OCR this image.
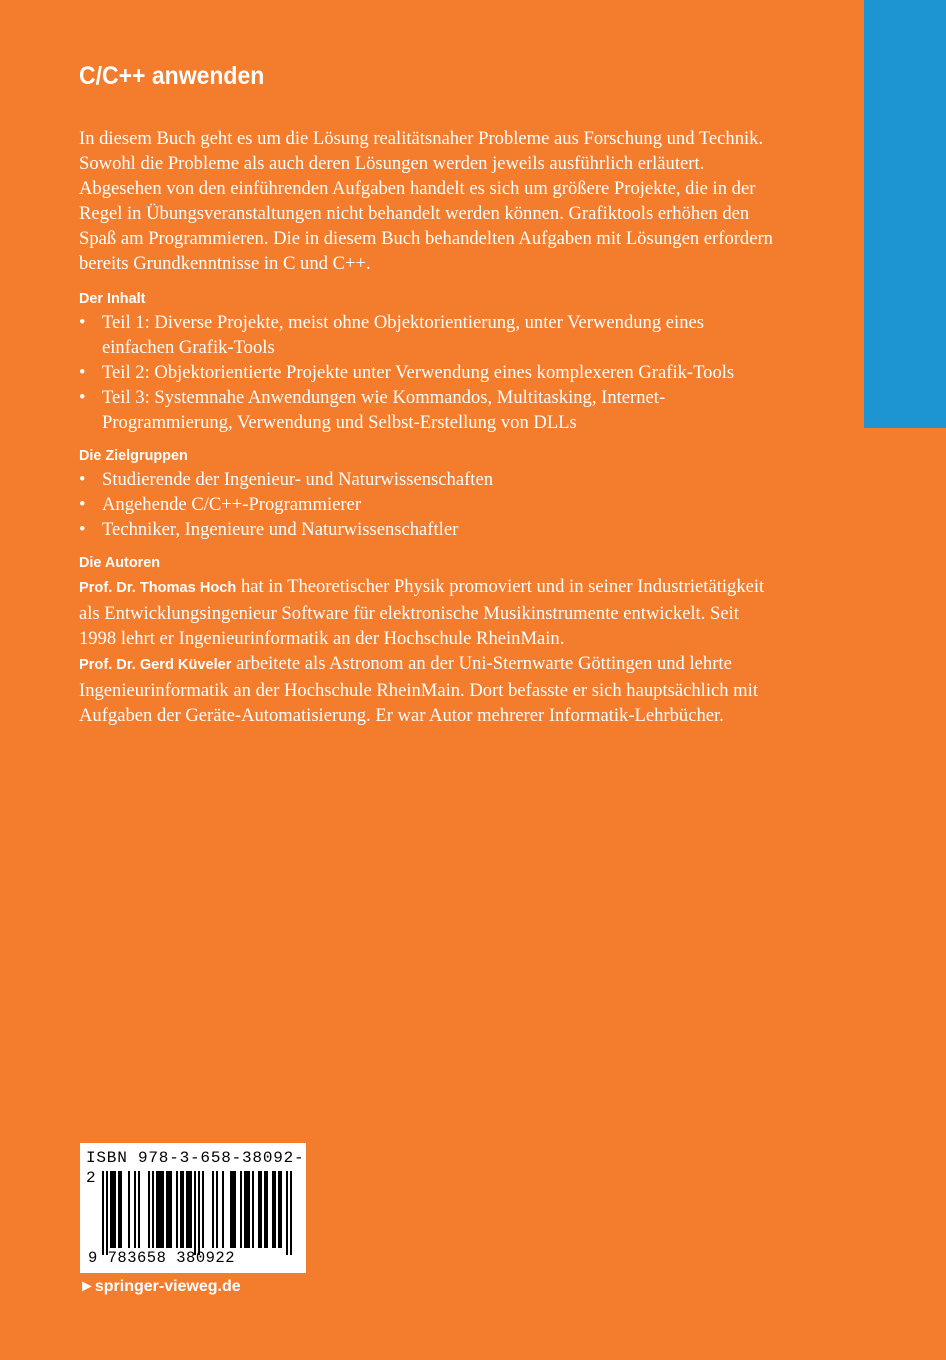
C/C++ anwenden

In diesem Buch geht es um die Lösung realitätsnaher Probleme aus Forschung und Technik. Sowohl die Probleme als auch deren Lösungen werden jeweils ausführlich erläutert. Abgesehen von den einführenden Aufgaben handelt es sich um größere Projekte, die in der Regel in Übungsveranstaltungen nicht behandelt werden können. Grafiktools erhöhen den Spaß am Programmieren. Die in diesem Buch behandelten Aufgaben mit Lösungen erfordern bereits Grundkenntnisse in C und C++.

Der Inhalt
• Teil 1: Diverse Projekte, meist ohne Objektorientierung, unter Verwendung eines einfachen Grafik-Tools
• Teil 2: Objektorientierte Projekte unter Verwendung eines komplexeren Grafik-Tools
• Teil 3: Systemnahe Anwendungen wie Kommandos, Multitasking, Internet-Programmierung, Verwendung und Selbst-Erstellung von DLLs
Die Zielgruppen
• Studierende der Ingenieur- und Naturwissenschaften
• Angehende C/C++-Programmierer
• Techniker, Ingenieure und Naturwissenschaftler
Die Autoren

Prof. Dr. Thomas Hoch hat in Theoretischer Physik promoviert und in seiner Industrietätigkeit als Entwicklungsingenieur Software für elektronische Musikinstrumente entwickelt. Seit 1998 lehrt er Ingenieurinformatik an der Hochschule RheinMain.

Prof. Dr. Gerd Küveler arbeitete als Astronom an der Uni-Sternwarte Göttingen und lehrte Ingenieurinformatik an der Hochschule RheinMain. Dort befasste er sich hauptsächlich mit Aufgaben der Geräte-Automatisierung. Er war Autor mehrerer Informatik-Lehrbücher.

ISBN 978-3-658-38092-2

9 783658 380922

►springer-vieweg.de
